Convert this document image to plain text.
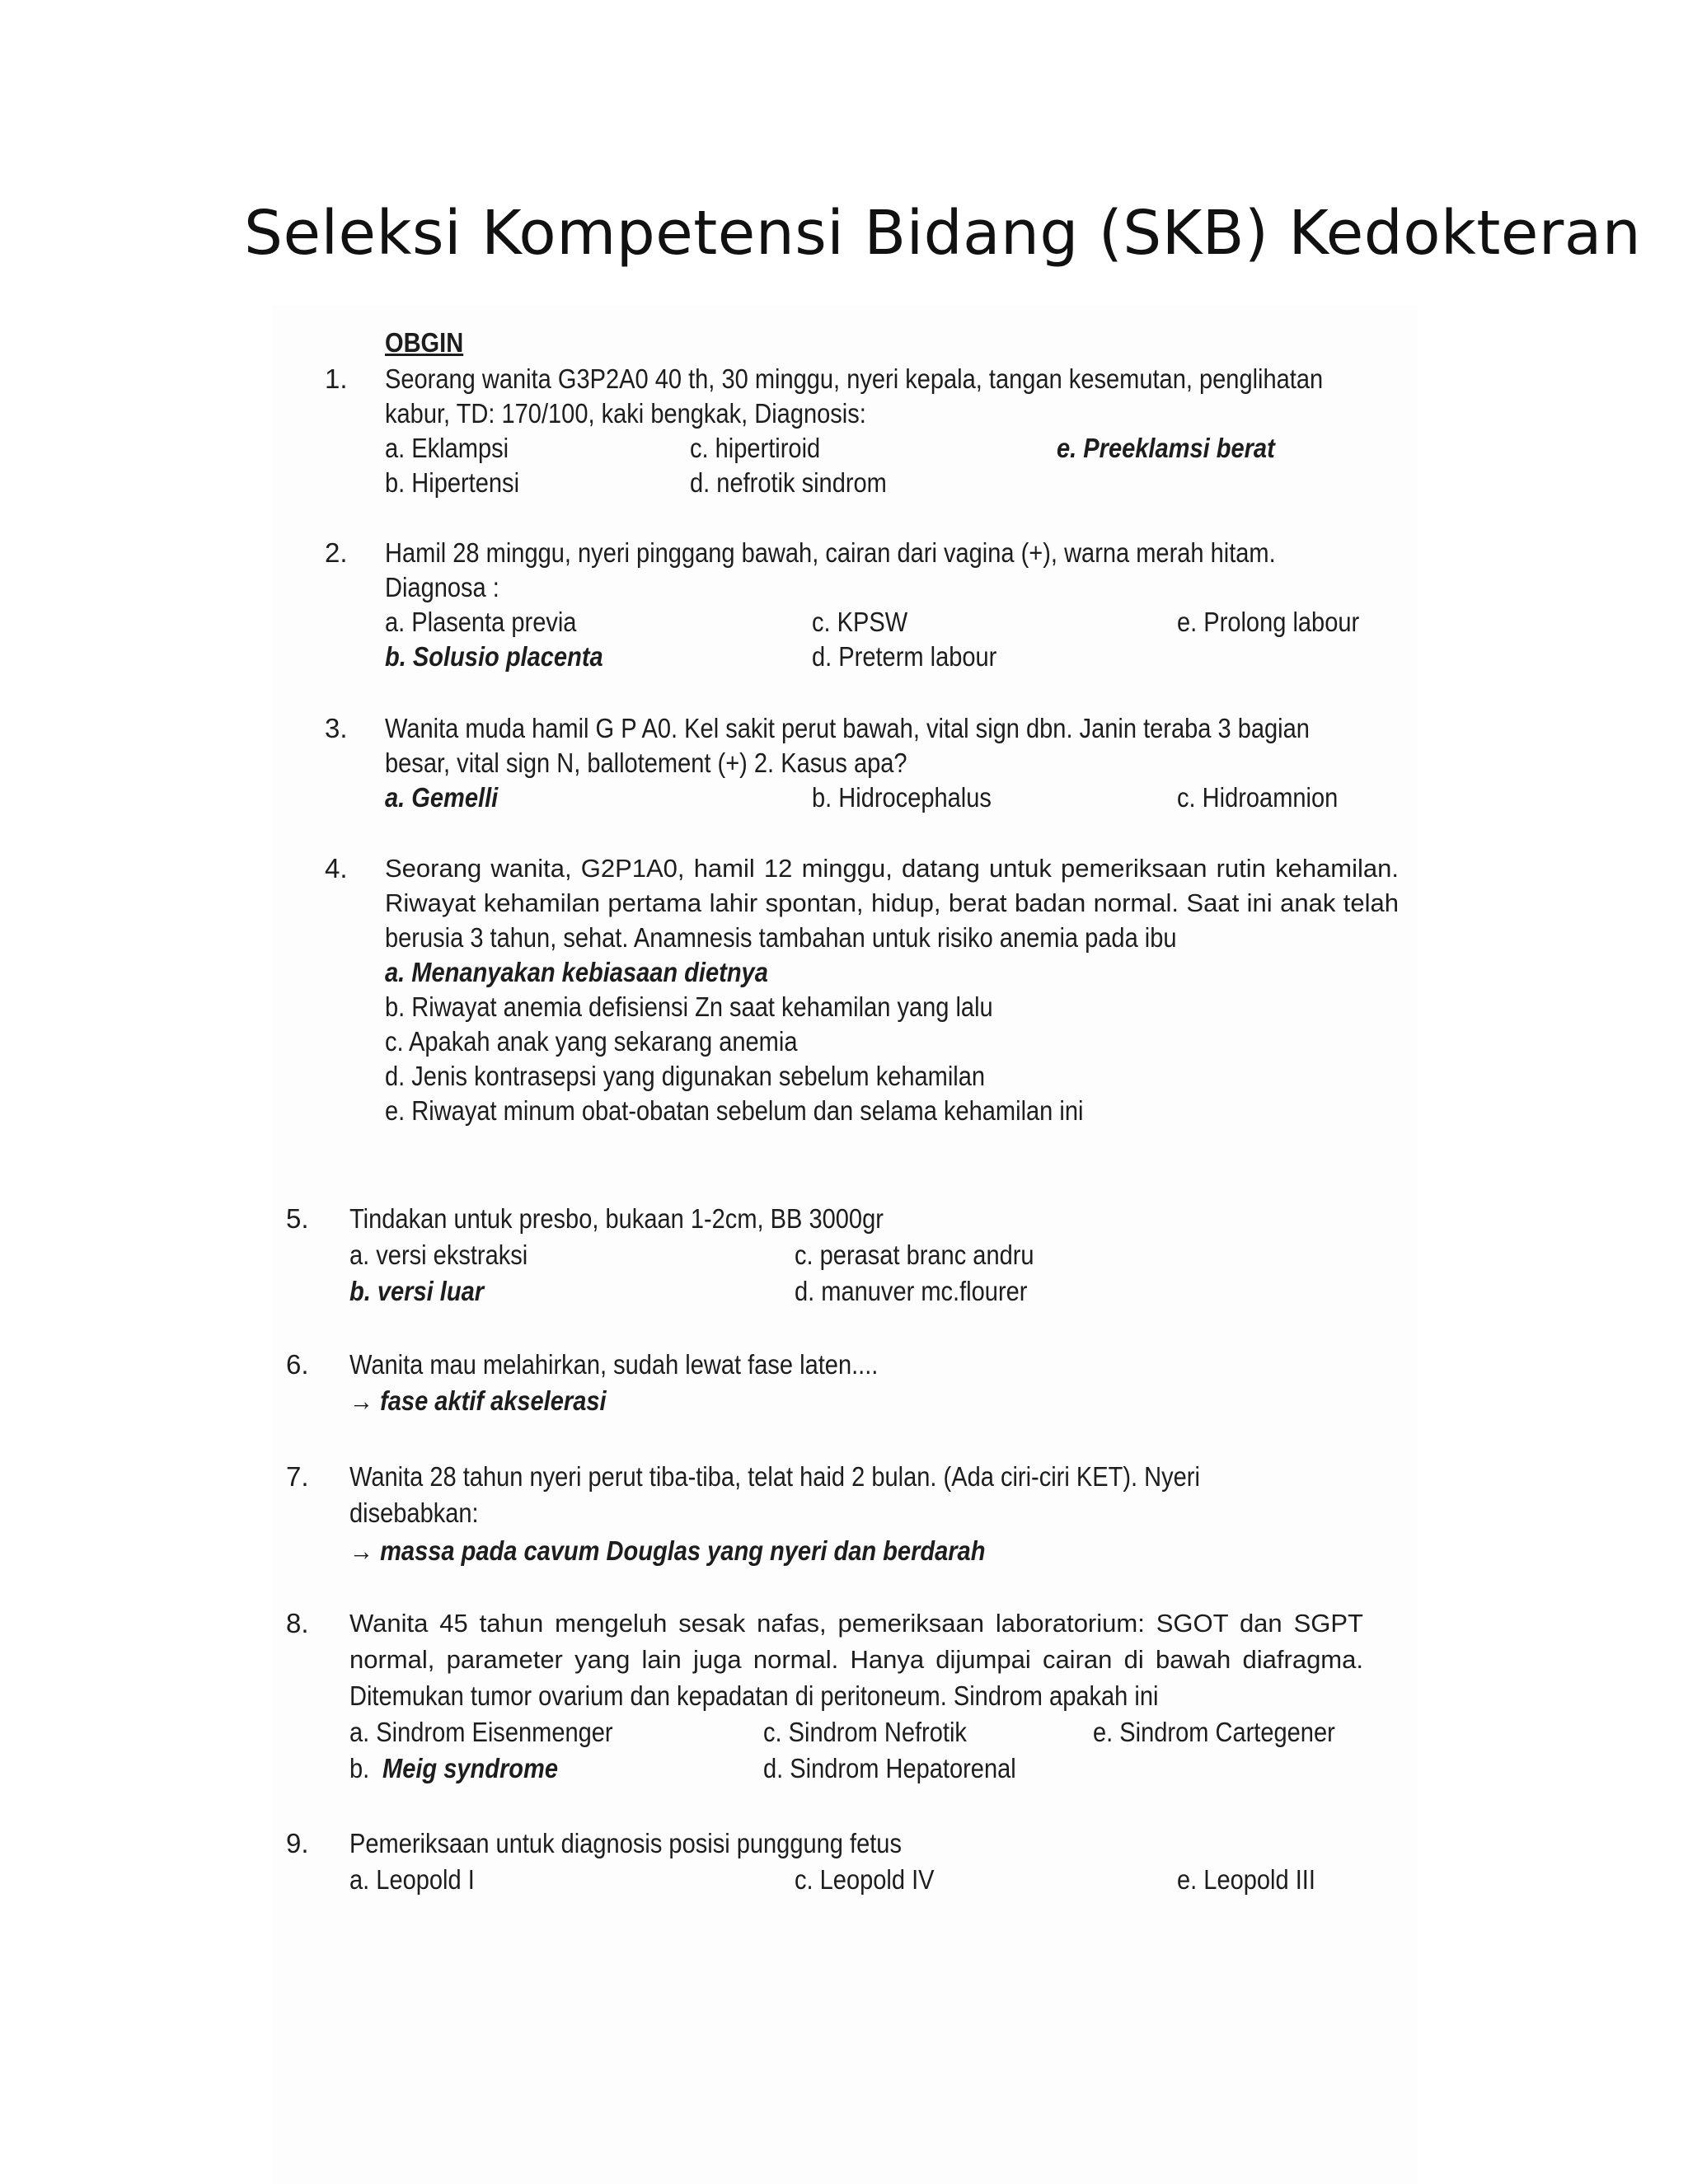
Seleksi Kompetensi Bidang (SKB) Kedokteran
OBGIN
1. Seorang wanita G3P2A0 40 th, 30 minggu, nyeri kepala, tangan kesemutan, penglihatan
kabur, TD: 170/100, kaki bengkak, Diagnosis:
a. Eklampsi	c. hipertiroid	e. Preeklamsi berat
b. Hipertensi	d. nefrotik sindrom
2. Hamil 28 minggu, nyeri pinggang bawah, cairan dari vagina (+), warna merah hitam.
Diagnosa :
a. Plasenta previa	c. KPSW	e. Prolong labour
b. Solusio placenta	d. Preterm labour
3. Wanita muda hamil G P A0. Kel sakit perut bawah, vital sign dbn. Janin teraba 3 bagian
besar, vital sign N, ballotement (+) 2. Kasus apa?
a. Gemelli	b. Hidrocephalus	c. Hidroamnion
4. Seorang wanita, G2P1A0, hamil 12 minggu, datang untuk pemeriksaan rutin kehamilan.
Riwayat kehamilan pertama lahir spontan, hidup, berat badan normal. Saat ini anak telah
berusia 3 tahun, sehat. Anamnesis tambahan untuk risiko anemia pada ibu
a. Menanyakan kebiasaan dietnya
b. Riwayat anemia defisiensi Zn saat kehamilan yang lalu
c. Apakah anak yang sekarang anemia
d. Jenis kontrasepsi yang digunakan sebelum kehamilan
e. Riwayat minum obat-obatan sebelum dan selama kehamilan ini
5. Tindakan untuk presbo, bukaan 1-2cm, BB 3000gr
a. versi ekstraksi	c. perasat branc andru
b. versi luar	d. manuver mc.flourer
6. Wanita mau melahirkan, sudah lewat fase laten....
→ fase aktif akselerasi
7. Wanita 28 tahun nyeri perut tiba-tiba, telat haid 2 bulan. (Ada ciri-ciri KET). Nyeri
disebabkan:
→ massa pada cavum Douglas yang nyeri dan berdarah
8. Wanita 45 tahun mengeluh sesak nafas, pemeriksaan laboratorium: SGOT dan SGPT
normal, parameter yang lain juga normal. Hanya dijumpai cairan di bawah diafragma.
Ditemukan tumor ovarium dan kepadatan di peritoneum. Sindrom apakah ini
a. Sindrom Eisenmenger	c. Sindrom Nefrotik	e. Sindrom Cartegener
b. Meig syndrome	d. Sindrom Hepatorenal
9. Pemeriksaan untuk diagnosis posisi punggung fetus
a. Leopold I	c. Leopold IV	e. Leopold III
